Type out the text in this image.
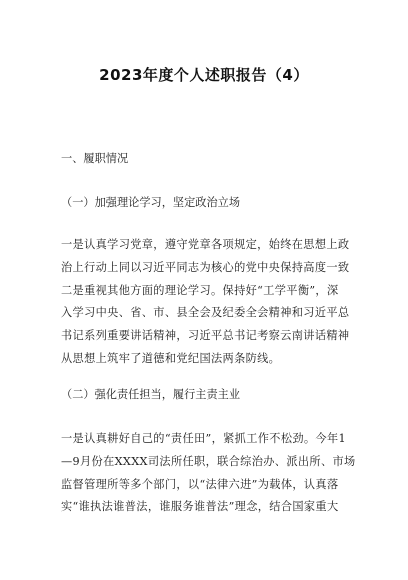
2023年度个人述职报告（4）
一、履职情况
（一）加强理论学习，坚定政治立场
一是认真学习党章，遵守党章各项规定，始终在思想上政
治上行动上同以习近平同志为核心的党中央保持高度一致
二是重视其他方面的理论学习。保持好“工学平衡”，深
入学习中央、省、市、县全会及纪委全会精神和习近平总
书记系列重要讲话精神，习近平总书记考察云南讲话精神
从思想上筑牢了道德和党纪国法两条防线。
（二）强化责任担当，履行主责主业
一是认真耕好自己的“责任田”，紧抓工作不松劲。今年1
—9月份在XXXX司法所任职，联合综治办、派出所、市场
监督管理所等多个部门，以“法律六进”为载体，认真落
实“谁执法谁普法，谁服务谁普法”理念，结合国家重大
